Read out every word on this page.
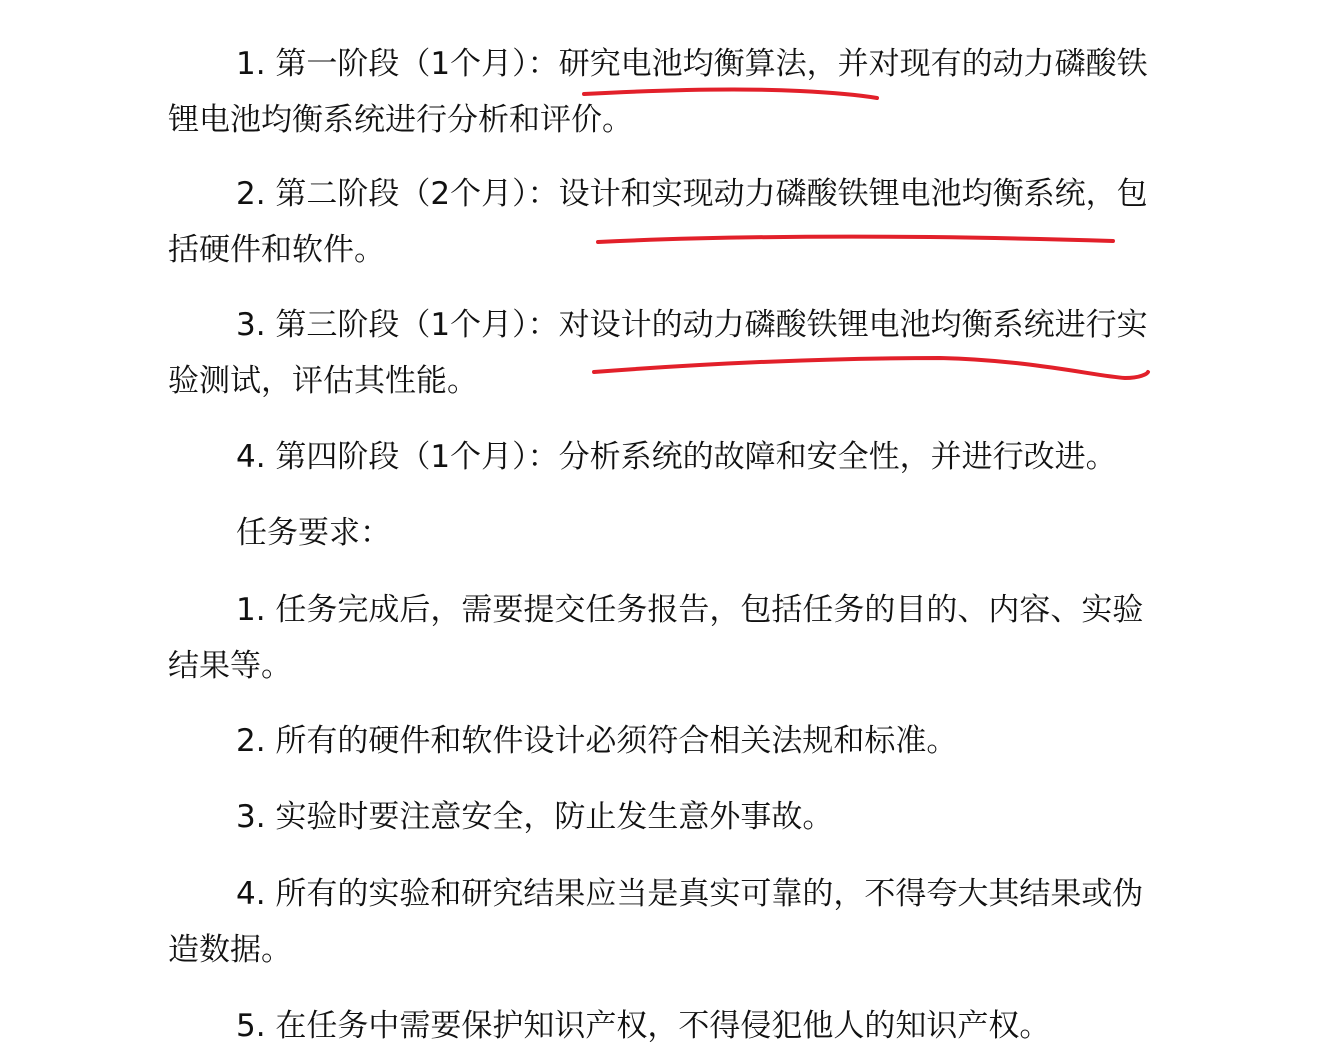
1. 第一阶段（1个月）：研究电池均衡算法，并对现有的动力磷酸铁锂电池均衡系统进行分析和评价。

2. 第二阶段（2个月）：设计和实现动力磷酸铁锂电池均衡系统，包括硬件和软件。

3. 第三阶段（1个月）：对设计的动力磷酸铁锂电池均衡系统进行实验测试，评估其性能。

4. 第四阶段（1个月）：分析系统的故障和安全性，并进行改进。

任务要求：

1. 任务完成后，需要提交任务报告，包括任务的目的、内容、实验结果等。

2. 所有的硬件和软件设计必须符合相关法规和标准。

3. 实验时要注意安全，防止发生意外事故。

4. 所有的实验和研究结果应当是真实可靠的，不得夸大其结果或伪造数据。

5. 在任务中需要保护知识产权，不得侵犯他人的知识产权。
